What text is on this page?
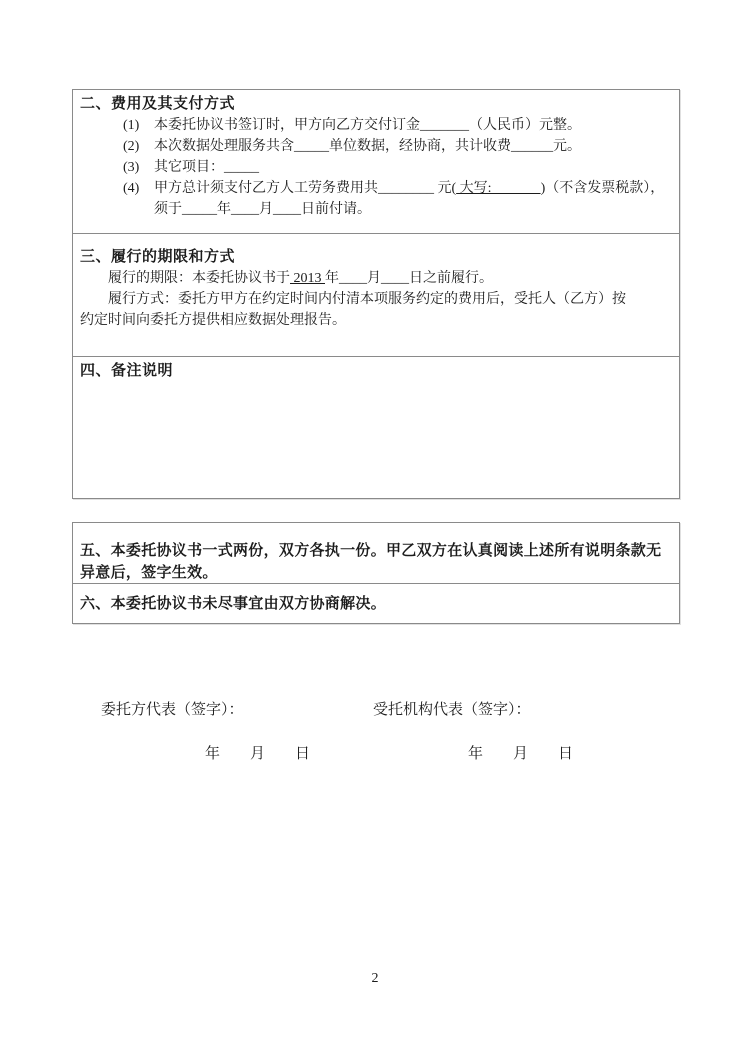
二、费用及其支付方式
(1)	本委托协议书签订时，甲方向乙方交付订金_______（人民币）元整。
(2)	本次数据处理服务共含_____单位数据，经协商，共计收费______元。
(3)	其它项目：_____
(4)	甲方总计须支付乙方人工劳务费用共________ 元( 大写:              )（不含发票税款），须于_____年____月____日前付请。
三、履行的期限和方式
履行的期限：本委托协议书于 2013 年____月____日之前履行。
履行方式：委托方甲方在约定时间内付清本项服务约定的费用后，受托人（乙方）按
约定时间向委托方提供相应数据处理报告。
四、备注说明
五、本委托协议书一式两份，双方各执一份。甲乙双方在认真阅读上述所有说明条款无异意后，签字生效。
六、本委托协议书未尽事宜由双方协商解决。
委托方代表（签字）：	受托机构代表（签字）：
年　　月　　日	年　　月　　日
2
